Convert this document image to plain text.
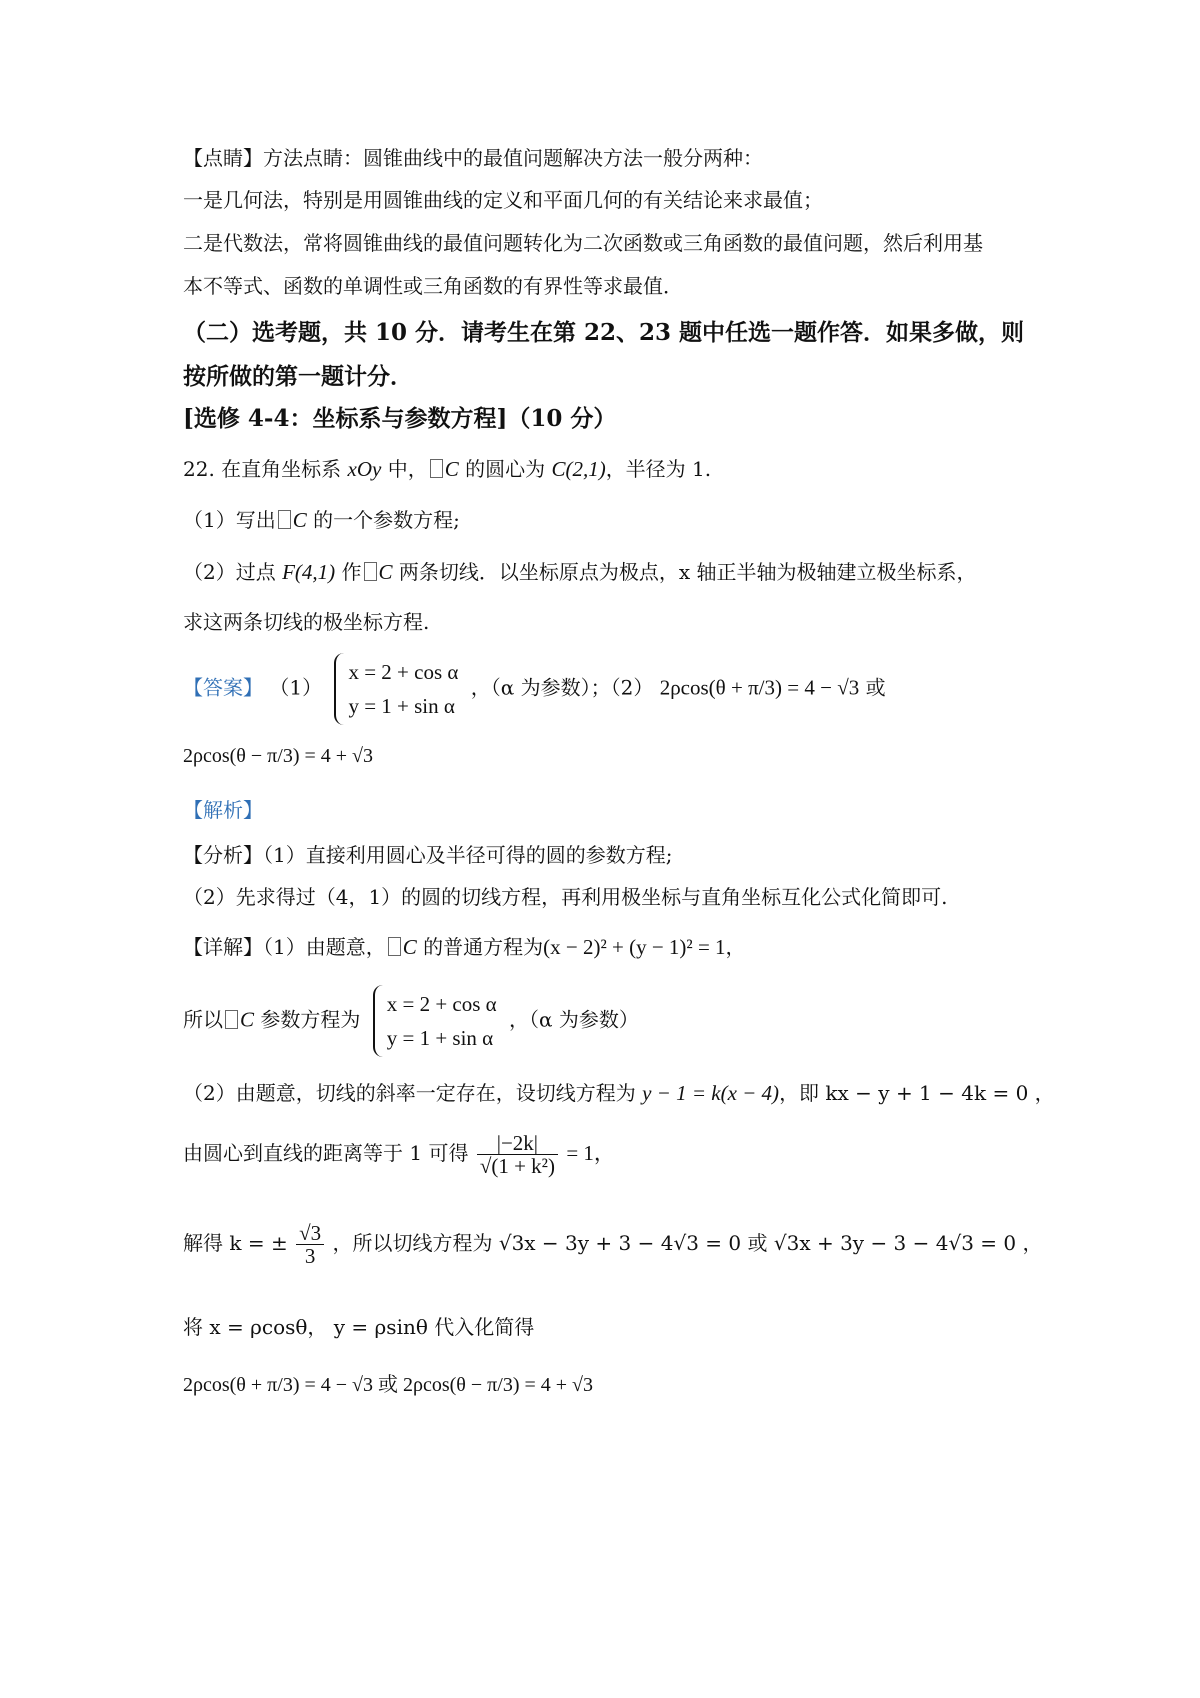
【点睛】方法点睛：圆锥曲线中的最值问题解决方法一般分两种：
一是几何法，特别是用圆锥曲线的定义和平面几何的有关结论来求最值；
二是代数法，常将圆锥曲线的最值问题转化为二次函数或三角函数的最值问题，然后利用基
本不等式、函数的单调性或三角函数的有界性等求最值．
（二）选考题，共 10 分．请考生在第 22、23 题中任选一题作答．如果多做，则
按所做的第一题计分．
[选修 4-4：坐标系与参数方程]（10 分）
22. 在直角坐标系 xOy 中， C 的圆心为 C(2,1)，半径为 1.
（1）写出 C 的一个参数方程;
（2）过点 F(4,1) 作 C 两条切线．以坐标原点为极点，x 轴正半轴为极轴建立极坐标系，
求这两条切线的极坐标方程.
【答案】 （1）
x = 2 + cos α
y = 1 + sin α
，（α 为参数）；（2） 2ρcos(θ + π/3) = 4 − √3 或
2ρcos(θ − π/3) = 4 + √3
【解析】
【分析】（1）直接利用圆心及半径可得的圆的参数方程;
（2）先求得过（4，1）的圆的切线方程，再利用极坐标与直角坐标互化公式化简即可.
【详解】（1）由题意， C 的普通方程为(x − 2)² + (y − 1)² = 1，
所以 C 参数方程为
x = 2 + cos α
y = 1 + sin α
，（α 为参数）
（2）由题意，切线的斜率一定存在，设切线方程为 y − 1 = k(x − 4)，即 kx − y + 1 − 4k = 0 ，
由圆心到直线的距离等于 1 可得 $\frac{|-2k|}{\text{√(1 + k²)}} = 1$，
解得 k = ± $\frac{√3}{3}$ ，所以切线方程为 √3x − 3y + 3 − 4√3 = 0 或 √3x + 3y − 3 − 4√3 = 0 ，
将 x = ρcosθ， y = ρsinθ 代入化简得
2ρcos(θ + π/3) = 4 − √3 或 2ρcos(θ − π/3) = 4 + √3
